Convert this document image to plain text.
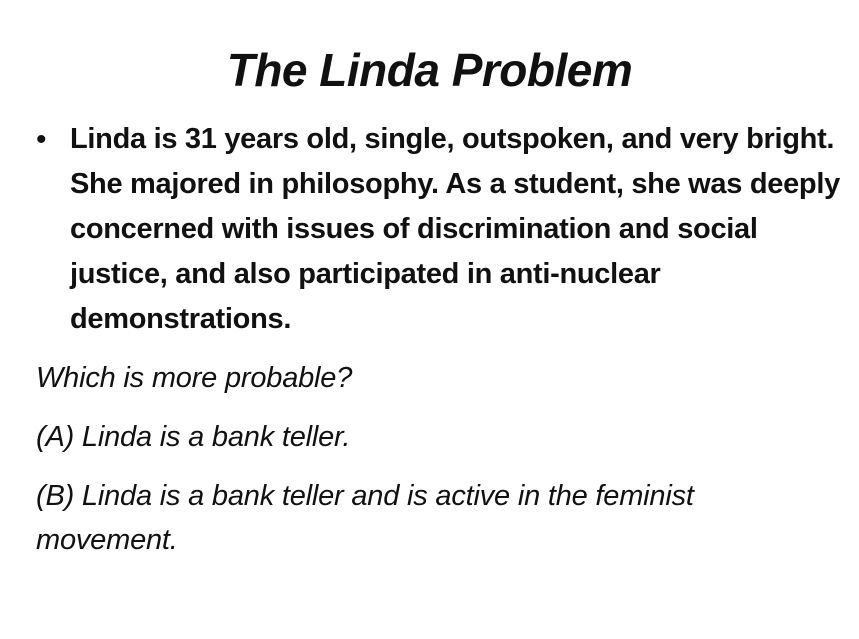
The Linda Problem
• Linda is 31 years old, single, outspoken, and very bright. She majored in philosophy. As a student, she was deeply concerned with issues of discrimination and social justice, and also participated in anti-nuclear demonstrations.
Which is more probable?
(A) Linda is a bank teller.
(B) Linda is a bank teller and is active in the feminist movement.
